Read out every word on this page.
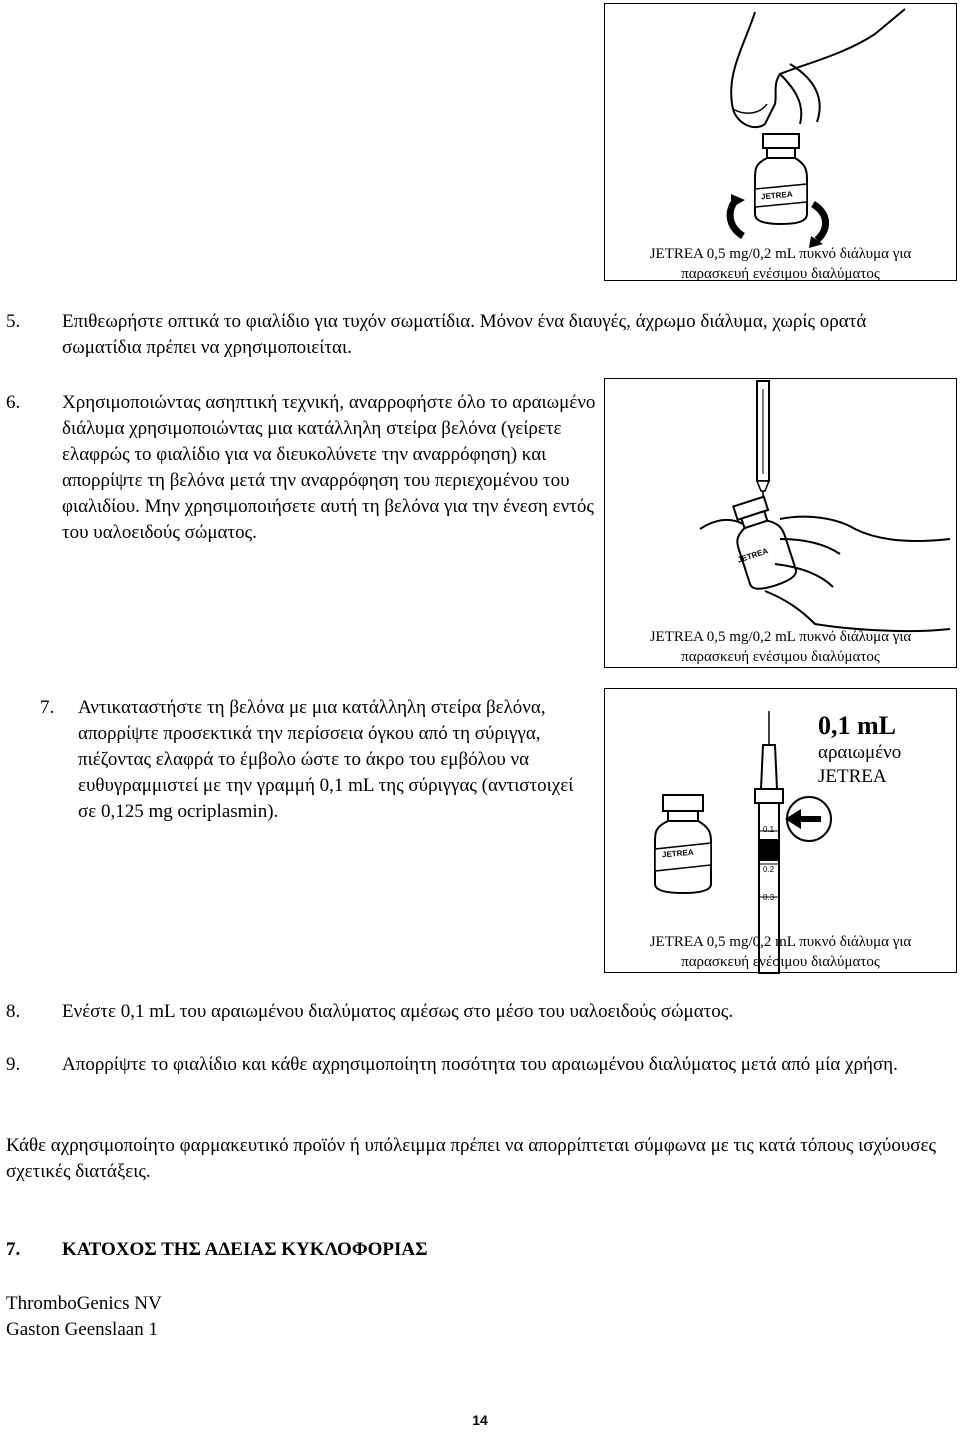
JETREA
JETREA 0,5 mg/0,2 mL πυκνό διάλυμα για
παρασκευή ενέσιμου διαλύματος
5.	Επιθεωρήστε οπτικά το φιαλίδιο για τυχόν σωματίδια. Μόνον ένα διαυγές, άχρωμο διάλυμα, χωρίς ορατά σωματίδια πρέπει να χρησιμοποιείται.
6.	Χρησιμοποιώντας ασηπτική τεχνική, αναρροφήστε όλο το αραιωμένο διάλυμα χρησιμοποιώντας μια κατάλληλη στείρα βελόνα (γείρετε ελαφρώς το φιαλίδιο για να διευκολύνετε την αναρρόφηση) και απορρίψτε τη βελόνα μετά την αναρρόφηση του περιεχομένου του φιαλιδίου. Μην χρησιμοποιήσετε αυτή τη βελόνα για την ένεση εντός του υαλοειδούς σώματος.
JETREA
JETREA 0,5 mg/0,2 mL πυκνό διάλυμα για
παρασκευή ενέσιμου διαλύματος
7.	Αντικαταστήστε τη βελόνα με μια κατάλληλη στείρα βελόνα, απορρίψτε προσεκτικά την περίσσεια όγκου από τη σύριγγα, πιέζοντας ελαφρά το έμβολο ώστε το άκρο του εμβόλου να ευθυγραμμιστεί με την γραμμή 0,1 mL της σύριγγας (αντιστοιχεί σε 0,125 mg ocriplasmin).
JETREA
0.1
0.2
0.3
0,1 mL
αραιωμένο
JETREA
JETREA 0,5 mg/0,2 mL πυκνό διάλυμα για
παρασκευή ενέσιμου διαλύματος
8.	Ενέστε 0,1 mL του αραιωμένου διαλύματος αμέσως στο μέσο του υαλοειδούς σώματος.
9.	Απορρίψτε το φιαλίδιο και κάθε αχρησιμοποίητη ποσότητα του αραιωμένου διαλύματος μετά από μία χρήση.
Κάθε αχρησιμοποίητο φαρμακευτικό προϊόν ή υπόλειμμα πρέπει να απορρίπτεται σύμφωνα με τις κατά τόπους ισχύουσες σχετικές διατάξεις.
7. ΚΑΤΟΧΟΣ ΤΗΣ ΑΔΕΙΑΣ ΚΥΚΛΟΦΟΡΙΑΣ
ThromboGenics NV
Gaston Geenslaan 1
14
